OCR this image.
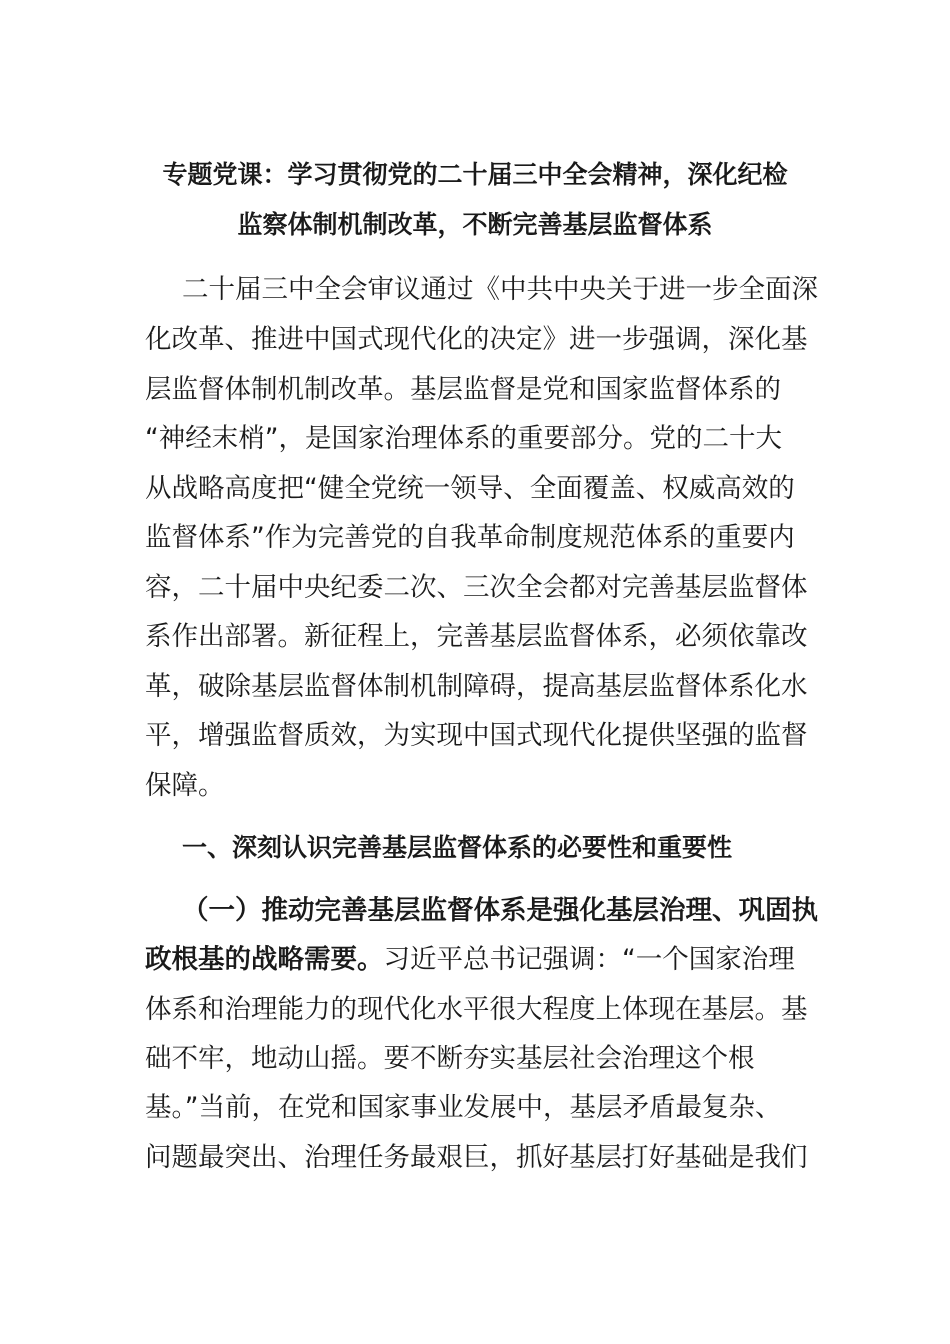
专题党课：学习贯彻党的二十届三中全会精神，深化纪检
监察体制机制改革，不断完善基层监督体系
二十届三中全会审议通过《中共中央关于进一步全面深
化改革、推进中国式现代化的决定》进一步强调，深化基
层监督体制机制改革。基层监督是党和国家监督体系的
“神经末梢”，是国家治理体系的重要部分。党的二十大
从战略高度把“健全党统一领导、全面覆盖、权威高效的
监督体系”作为完善党的自我革命制度规范体系的重要内
容，二十届中央纪委二次、三次全会都对完善基层监督体
系作出部署。新征程上，完善基层监督体系，必须依靠改
革，破除基层监督体制机制障碍，提高基层监督体系化水
平，增强监督质效，为实现中国式现代化提供坚强的监督
保障。
一、深刻认识完善基层监督体系的必要性和重要性
（一）推动完善基层监督体系是强化基层治理、巩固执
政根基的战略需要。习近平总书记强调：“一个国家治理
体系和治理能力的现代化水平很大程度上体现在基层。基
础不牢，地动山摇。要不断夯实基层社会治理这个根
基。”当前，在党和国家事业发展中，基层矛盾最复杂、
问题最突出、治理任务最艰巨，抓好基层打好基础是我们
